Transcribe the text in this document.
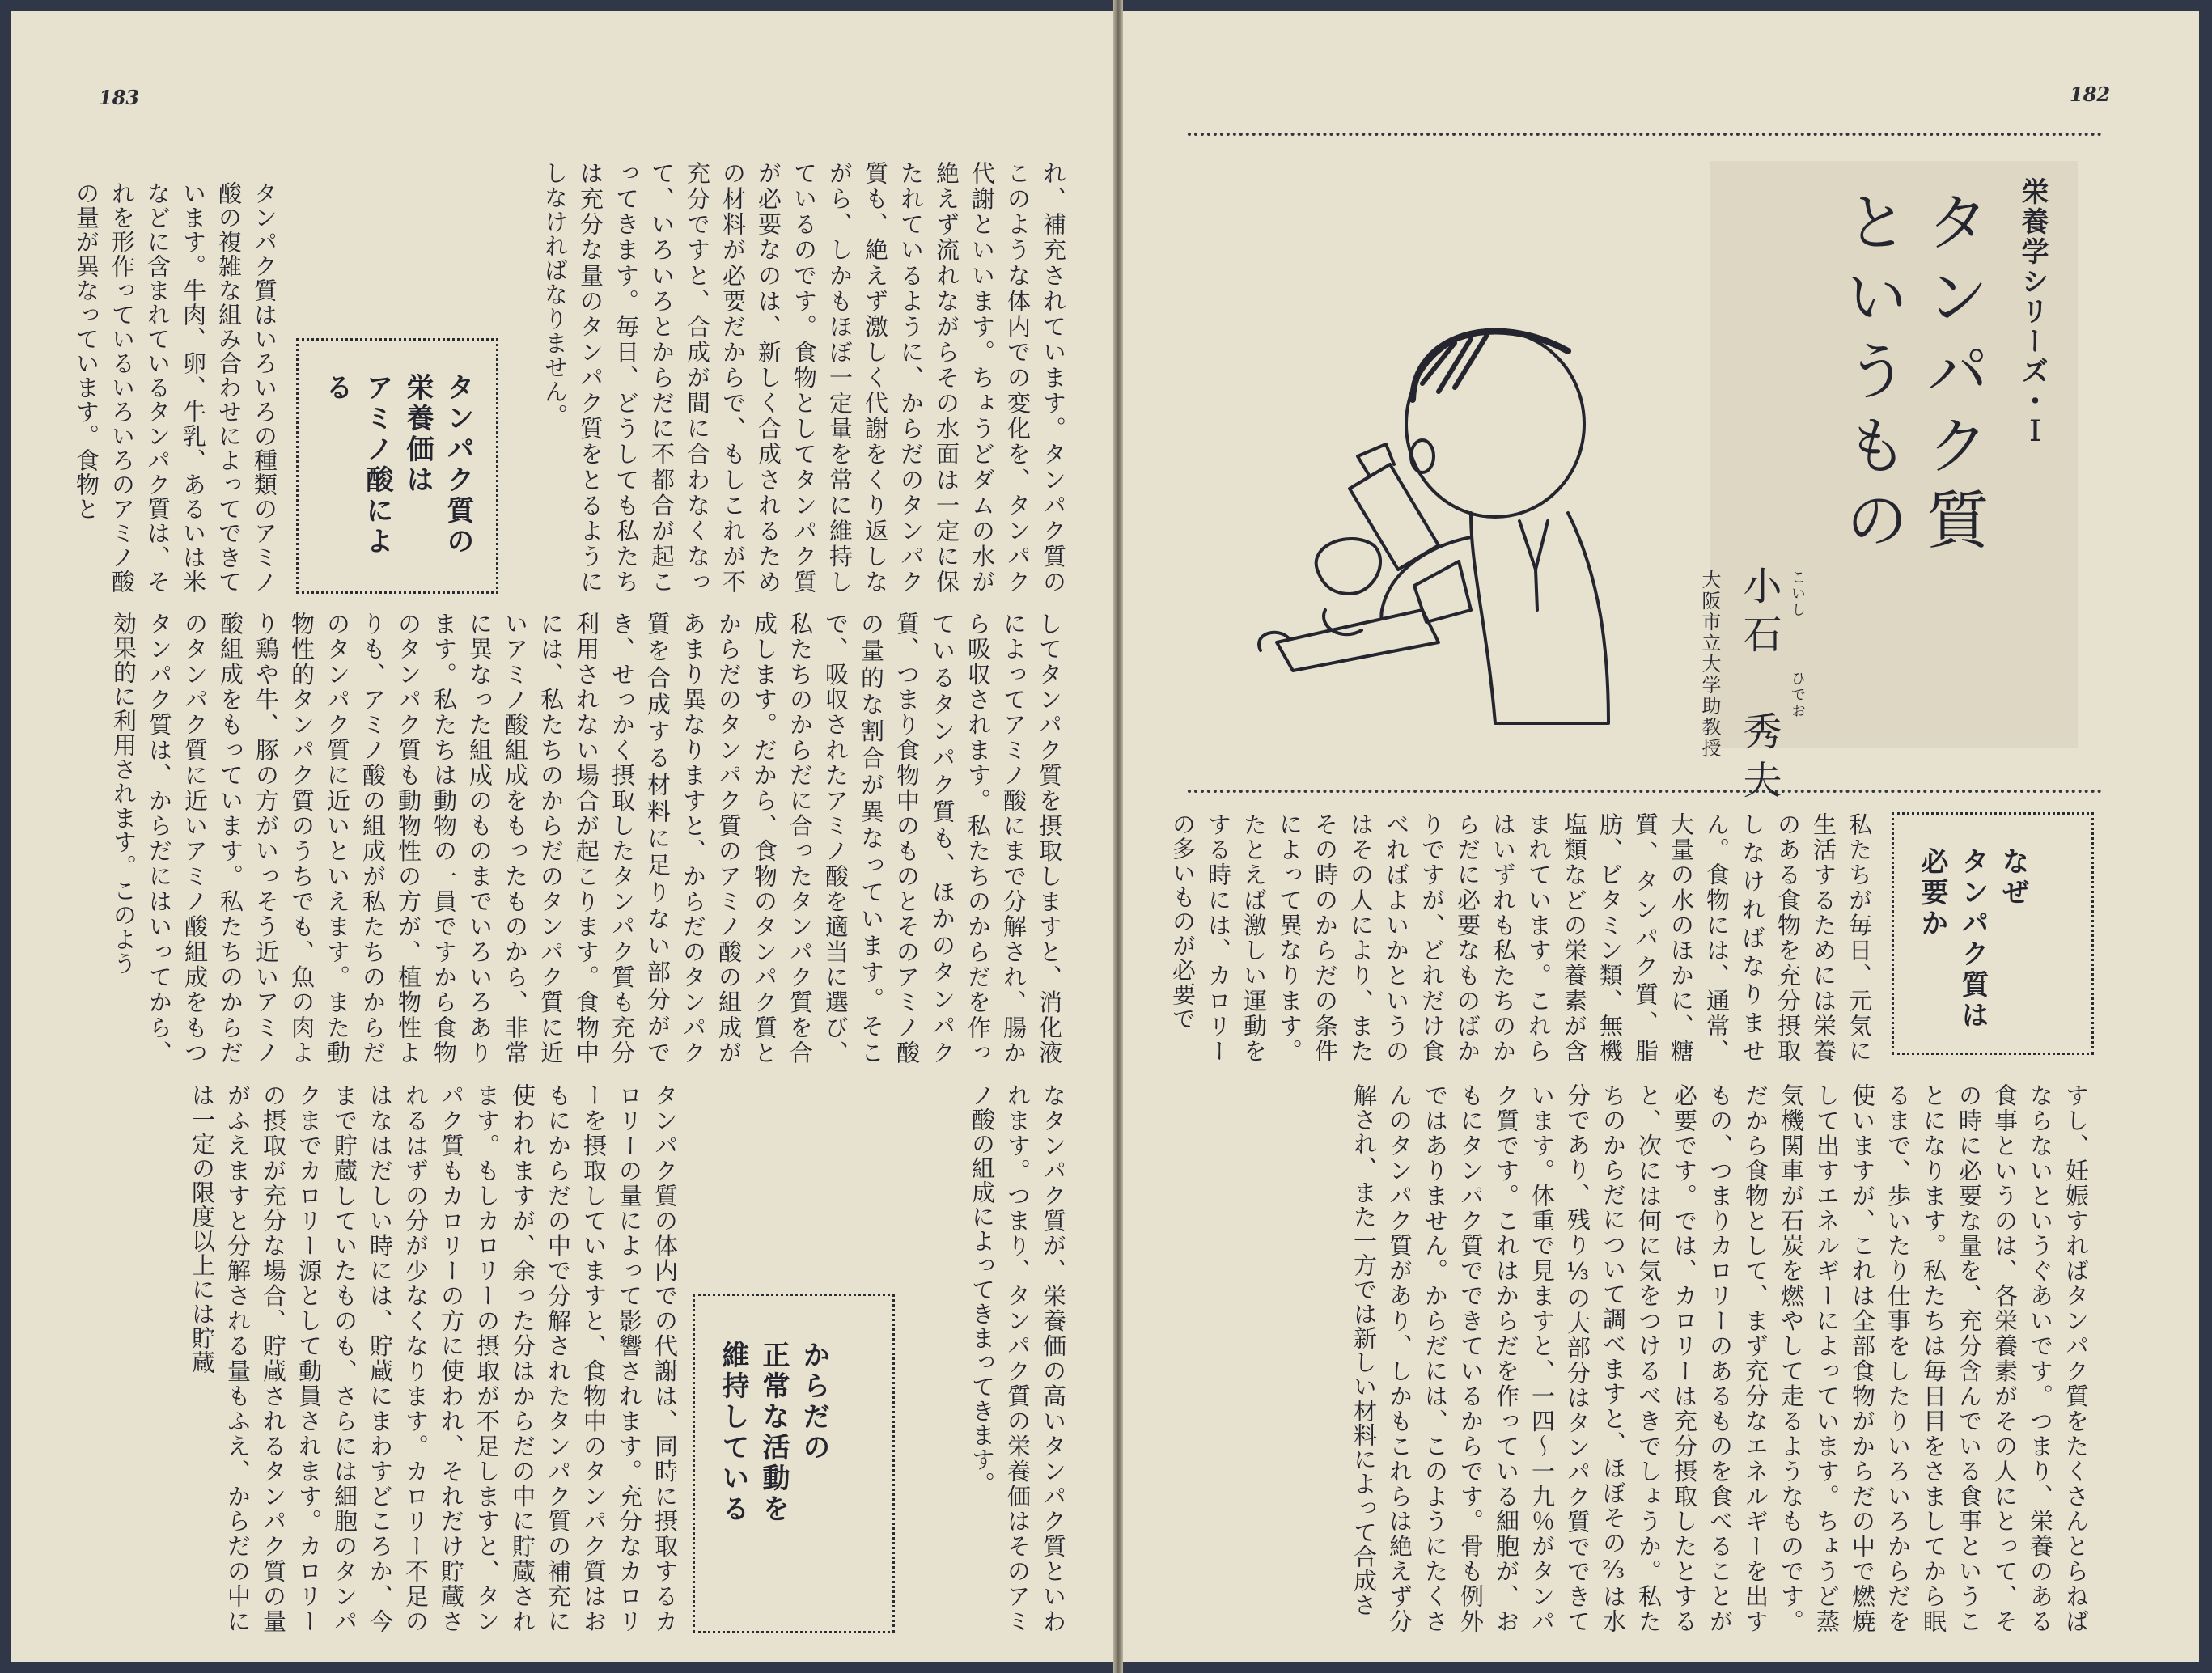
183
れ、補充されています。タンパク質のこのような体内での変化を、タンパク代謝といいます。ちょうどダムの水が絶えず流れながらその水面は一定に保たれているように、からだのタンパク質も、絶えず激しく代謝をくり返しながら、しかもほぼ一定量を常に維持しているのです。食物としてタンパク質が必要なのは、新しく合成されるための材料が必要だからで、もしこれが不充分ですと、合成が間に合わなくなって、いろいろとからだに不都合が起こってきます。毎日、どうしても私たちは充分な量のタンパク質をとるようにしなければなりません。
タンパク質の
栄養価は
アミノ酸による
タンパク質はいろいろの種類のアミノ酸の複雑な組み合わせによってできています。牛肉、卵、牛乳、あるいは米などに含まれているタンパク質は、それを形作っているいろいろのアミノ酸の量が異なっています。食物と
してタンパク質を摂取しますと、消化液によってアミノ酸にまで分解され、腸から吸収されます。私たちのからだを作っているタンパク質も、ほかのタンパク質、つまり食物中のものとそのアミノ酸の量的な割合が異なっています。そこで、吸収されたアミノ酸を適当に選び、私たちのからだに合ったタンパク質を合成します。だから、食物のタンパク質とからだのタンパク質のアミノ酸の組成があまり異なりますと、からだのタンパク質を合成する材料に足りない部分ができ、せっかく摂取したタンパク質も充分利用されない場合が起こります。食物中には、私たちのからだのタンパク質に近いアミノ酸組成をもったものから、非常に異なった組成のものまでいろいろあります。私たちは動物の一員ですから食物のタンパク質も動物性の方が、植物性よりも、アミノ酸の組成が私たちのからだのタンパク質に近いといえます。また動物性的タンパク質のうちでも、魚の肉より鶏や牛、豚の方がいっそう近いアミノ酸組成をもっています。私たちのからだのタンパク質に近いアミノ酸組成をもつタンパク質は、からだにはいってから、効果的に利用されます。このよう
なタンパク質が、栄養価の高いタンパク質といわれます。つまり、タンパク質の栄養価はそのアミノ酸の組成によってきまってきます。
からだの
正常な活動を
維持している
タンパク質の体内での代謝は、同時に摂取するカロリーの量によって影響されます。充分なカロリーを摂取していますと、食物中のタンパク質はおもにからだの中で分解されたタンパク質の補充に使われますが、余った分はからだの中に貯蔵されます。もしカロリーの摂取が不足しますと、タンパク質もカロリーの方に使われ、それだけ貯蔵されるはずの分が少なくなります。カロリー不足のはなはだしい時には、貯蔵にまわすどころか、今まで貯蔵していたものも、さらには細胞のタンパクまでカロリー源として動員されます。カロリーの摂取が充分な場合、貯蔵されるタンパク質の量がふえますと分解される量もふえ、からだの中には一定の限度以上には貯蔵
182
栄養学シリーズ・Ｉ
タンパク質
というもの
こいし
ひでお
小石　秀夫
大阪市立大学助教授
なぜ
タンパク質は
必要か
私たちが毎日、元気に生活するためには栄養のある食物を充分摂取しなければなりません。食物には、通常、大量の水のほかに、糖質、タンパク質、脂肪、ビタミン類、無機塩類などの栄養素が含まれています。これらはいずれも私たちのからだに必要なものばかりですが、どれだけ食べればよいかというのはその人により、またその時のからだの条件によって異なります。たとえば激しい運動をする時には、カロリーの多いものが必要で
すし、妊娠すればタンパク質をたくさんとらねばならないというぐあいです。つまり、栄養のある食事というのは、各栄養素がその人にとって、その時に必要な量を、充分含んでいる食事ということになります。私たちは毎日目をさましてから眠るまで、歩いたり仕事をしたりいろいろからだを使いますが、これは全部食物がからだの中で燃焼して出すエネルギーによっています。ちょうど蒸気機関車が石炭を燃やして走るようなものです。だから食物として、まず充分なエネルギーを出すもの、つまりカロリーのあるものを食べることが必要です。では、カロリーは充分摂取したとすると、次には何に気をつけるべきでしょうか。私たちのからだについて調べますと、ほぼその⅔は水分であり、残り⅓の大部分はタンパク質でできています。体重で見ますと、一四〜一九％がタンパク質です。これはからだを作っている細胞が、おもにタンパク質でできているからです。骨も例外ではありません。からだには、このようにたくさんのタンパク質があり、しかもこれらは絶えず分解され、また一方では新しい材料によって合成さ
